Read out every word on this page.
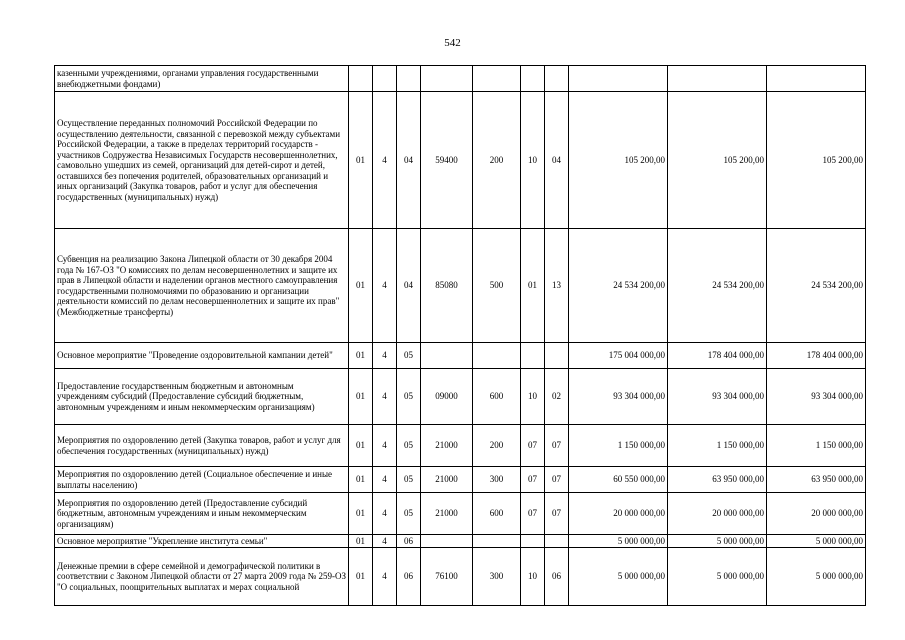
542
казенными учреждениями, органами управления государственными внебюджетными фондами)										
Осуществление переданных полномочий Российской Федерации по осуществлению деятельности, связанной с перевозкой между субъектами Российской Федерации, а также в пределах территорий государств - участников Содружества Независимых Государств несовершеннолетних, самовольно ушедших из семей, организаций для детей-сирот и детей, оставшихся без попечения родителей, образовательных организаций и иных организаций (Закупка товаров, работ и услуг для обеспечения государственных (муниципальных) нужд)	01	4	04	59400	200	10	04	105 200,00	105 200,00	105 200,00
Субвенция на реализацию Закона Липецкой области от 30 декабря 2004 года № 167-ОЗ "О комиссиях по делам несовершеннолетних и защите их прав в Липецкой области и наделении органов местного самоуправления государственными полномочиями по образованию и организации деятельности комиссий по делам несовершеннолетних и защите их прав" (Межбюджетные трансферты)	01	4	04	85080	500	01	13	24 534 200,00	24 534 200,00	24 534 200,00
Основное мероприятие "Проведение оздоровительной кампании детей"	01	4	05					175 004 000,00	178 404 000,00	178 404 000,00
Предоставление государственным бюджетным и автономным учреждениям субсидий (Предоставление субсидий бюджетным, автономным учреждениям и иным некоммерческим организациям)	01	4	05	09000	600	10	02	93 304 000,00	93 304 000,00	93 304 000,00
Мероприятия по оздоровлению детей (Закупка товаров, работ и услуг для обеспечения государственных (муниципальных) нужд)	01	4	05	21000	200	07	07	1 150 000,00	1 150 000,00	1 150 000,00
Мероприятия по оздоровлению детей (Социальное обеспечение и иные выплаты населению)	01	4	05	21000	300	07	07	60 550 000,00	63 950 000,00	63 950 000,00
Мероприятия по оздоровлению детей (Предоставление субсидий бюджетным, автономным учреждениям и иным некоммерческим организациям)	01	4	05	21000	600	07	07	20 000 000,00	20 000 000,00	20 000 000,00
Основное мероприятие "Укрепление института семьи"	01	4	06					5 000 000,00	5 000 000,00	5 000 000,00
Денежные премии в сфере семейной и демографической политики в соответствии с Законом Липецкой области от 27 марта 2009 года № 259-ОЗ "О социальных, поощрительных выплатах и мерах социальной	01	4	06	76100	300	10	06	5 000 000,00	5 000 000,00	5 000 000,00
